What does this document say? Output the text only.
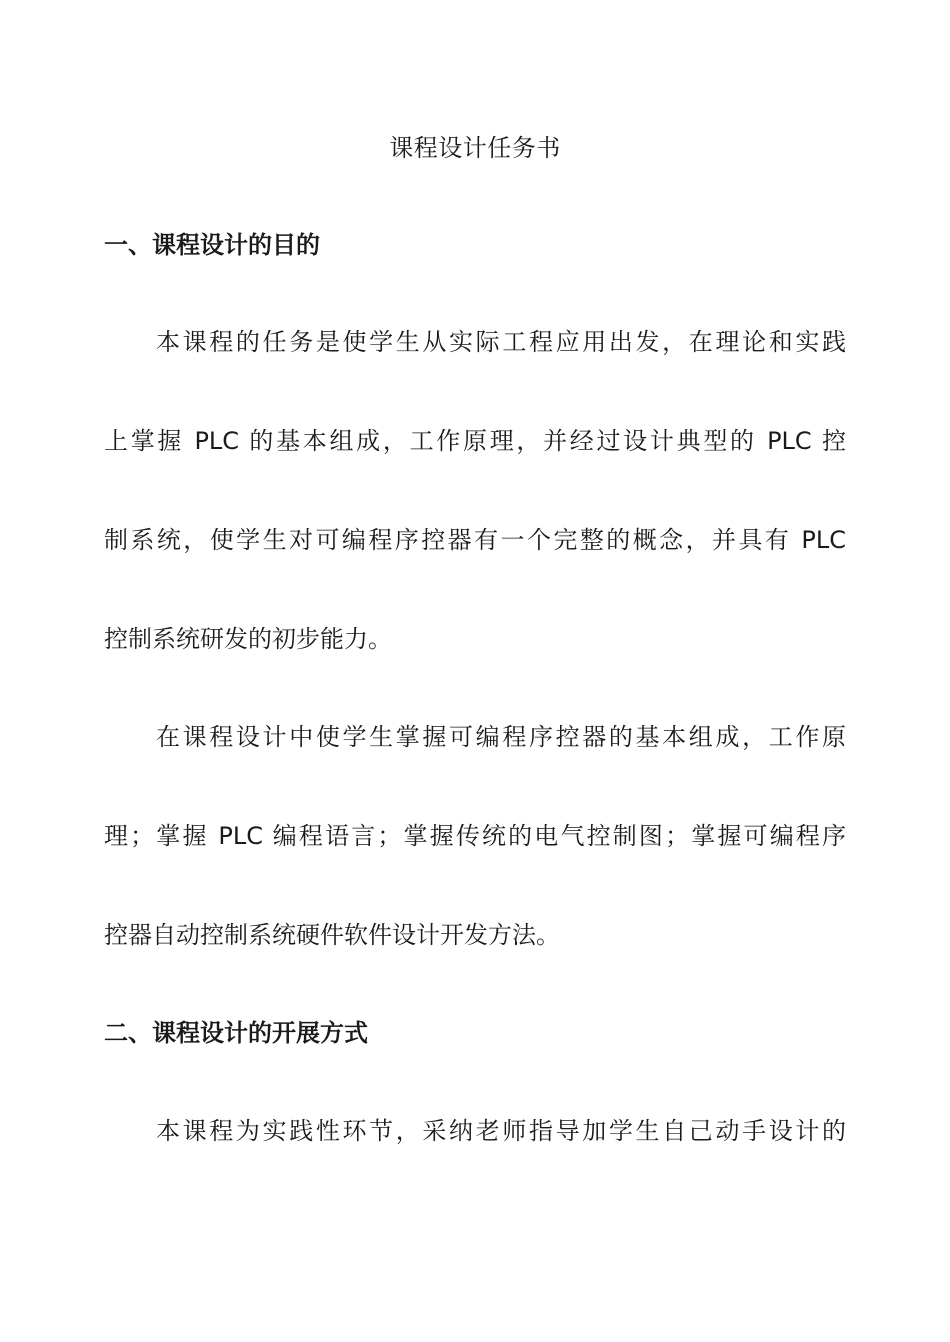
课程设计任务书
一、课程设计的目的

本课程的任务是使学生从实际工程应用出发，在理论和实践

上掌握 PLC 的基本组成，工作原理，并经过设计典型的 PLC 控

制系统，使学生对可编程序控器有一个完整的概念，并具有 PLC

控制系统研发的初步能力。

在课程设计中使学生掌握可编程序控器的基本组成，工作原

理；掌握 PLC 编程语言；掌握传统的电气控制图；掌握可编程序

控器自动控制系统硬件软件设计开发方法。

二、课程设计的开展方式

本课程为实践性环节，采纳老师指导加学生自己动手设计的
